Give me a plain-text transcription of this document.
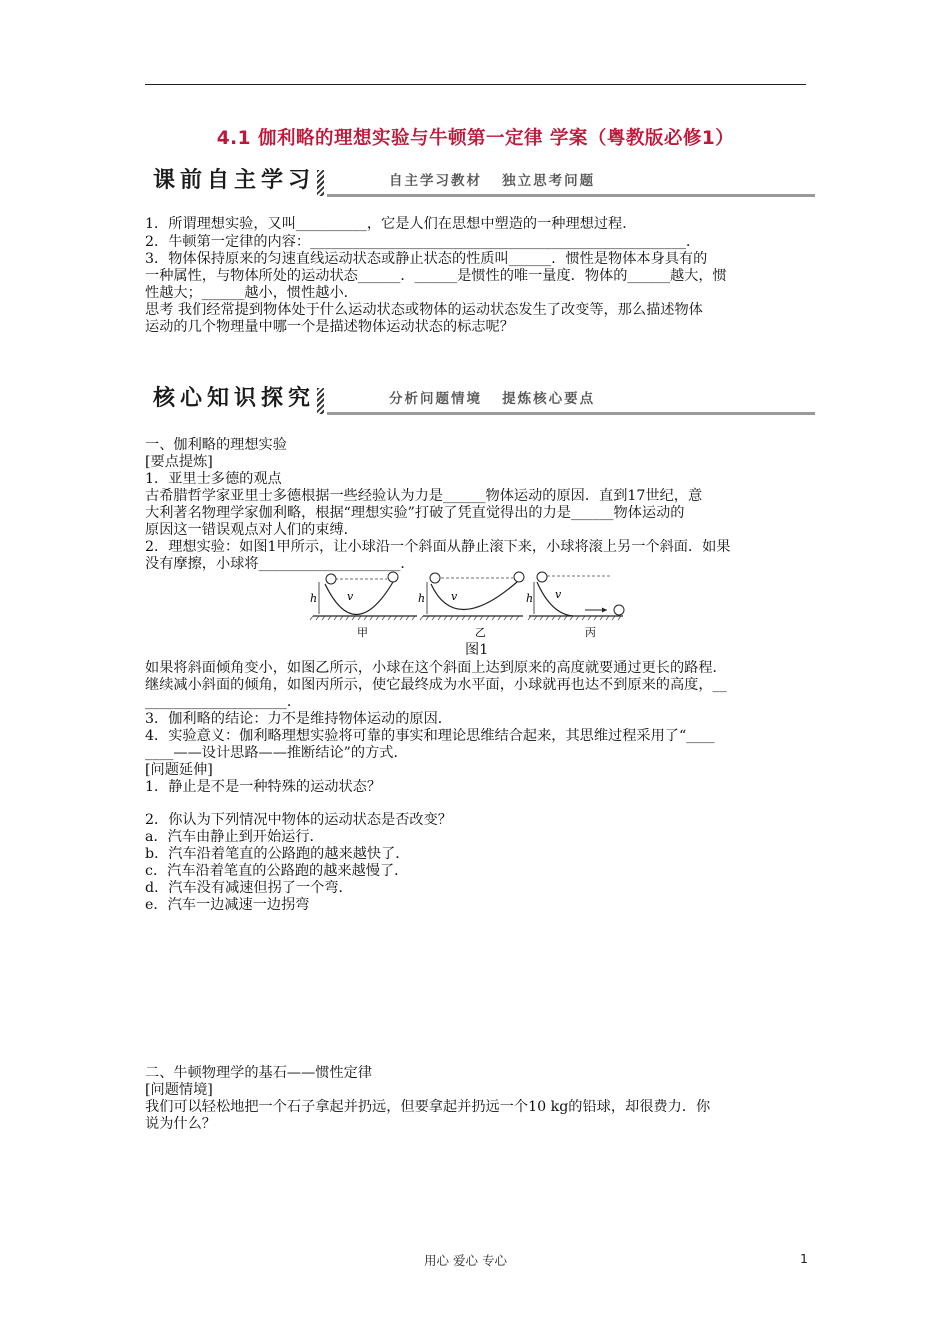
4.1 伽利略的理想实验与牛顿第一定律 学案（粤教版必修1）
课前自主学习	自主学习教材   独立思考问题
1．所谓理想实验，又叫__________，它是人们在思想中塑造的一种理想过程．
2．牛顿第一定律的内容：_____________________________________________________．
3．物体保持原来的匀速直线运动状态或静止状态的性质叫______．惯性是物体本身具有的
一种属性，与物体所处的运动状态______．______是惯性的唯一量度．物体的______越大，惯
性越大；______越小，惯性越小．
思考 我们经常提到物体处于什么运动状态或物体的运动状态发生了改变等，那么描述物体
运动的几个物理量中哪一个是描述物体运动状态的标志呢？
核心知识探究	分析问题情境   提炼核心要点
一、伽利略的理想实验
[要点提炼]
1．亚里士多德的观点
古希腊哲学家亚里士多德根据一些经验认为力是______物体运动的原因．直到17世纪，意
大利著名物理学家伽利略，根据“理想实验”打破了凭直觉得出的力是______物体运动的
原因这一错误观点对人们的束缚．
2．理想实验：如图1甲所示，让小球沿一个斜面从静止滚下来，小球将滚上另一个斜面．如果
没有摩擦，小球将____________________．
h	v
甲
h v
乙
h v
丙
图1
如果将斜面倾角变小，如图乙所示，小球在这个斜面上达到原来的高度就要通过更长的路程．
继续减小斜面的倾角，如图丙所示，使它最终成为水平面，小球就再也达不到原来的高度，__
____________________．
3．伽利略的结论：力不是维持物体运动的原因．
4．实验意义：伽利略理想实验将可靠的事实和理论思维结合起来，其思维过程采用了“____
____——设计思路——推断结论”的方式．
[问题延伸]
1．静止是不是一种特殊的运动状态？
2．你认为下列情况中物体的运动状态是否改变？
a．汽车由静止到开始运行．
b．汽车沿着笔直的公路跑的越来越快了．
c．汽车沿着笔直的公路跑的越来越慢了．
d．汽车没有减速但拐了一个弯．
e．汽车一边减速一边拐弯
二、牛顿物理学的基石——惯性定律
[问题情境]
我们可以轻松地把一个石子拿起并扔远，但要拿起并扔远一个10 kg的铅球，却很费力．你
说为什么？
用心 爱心 专心	1
